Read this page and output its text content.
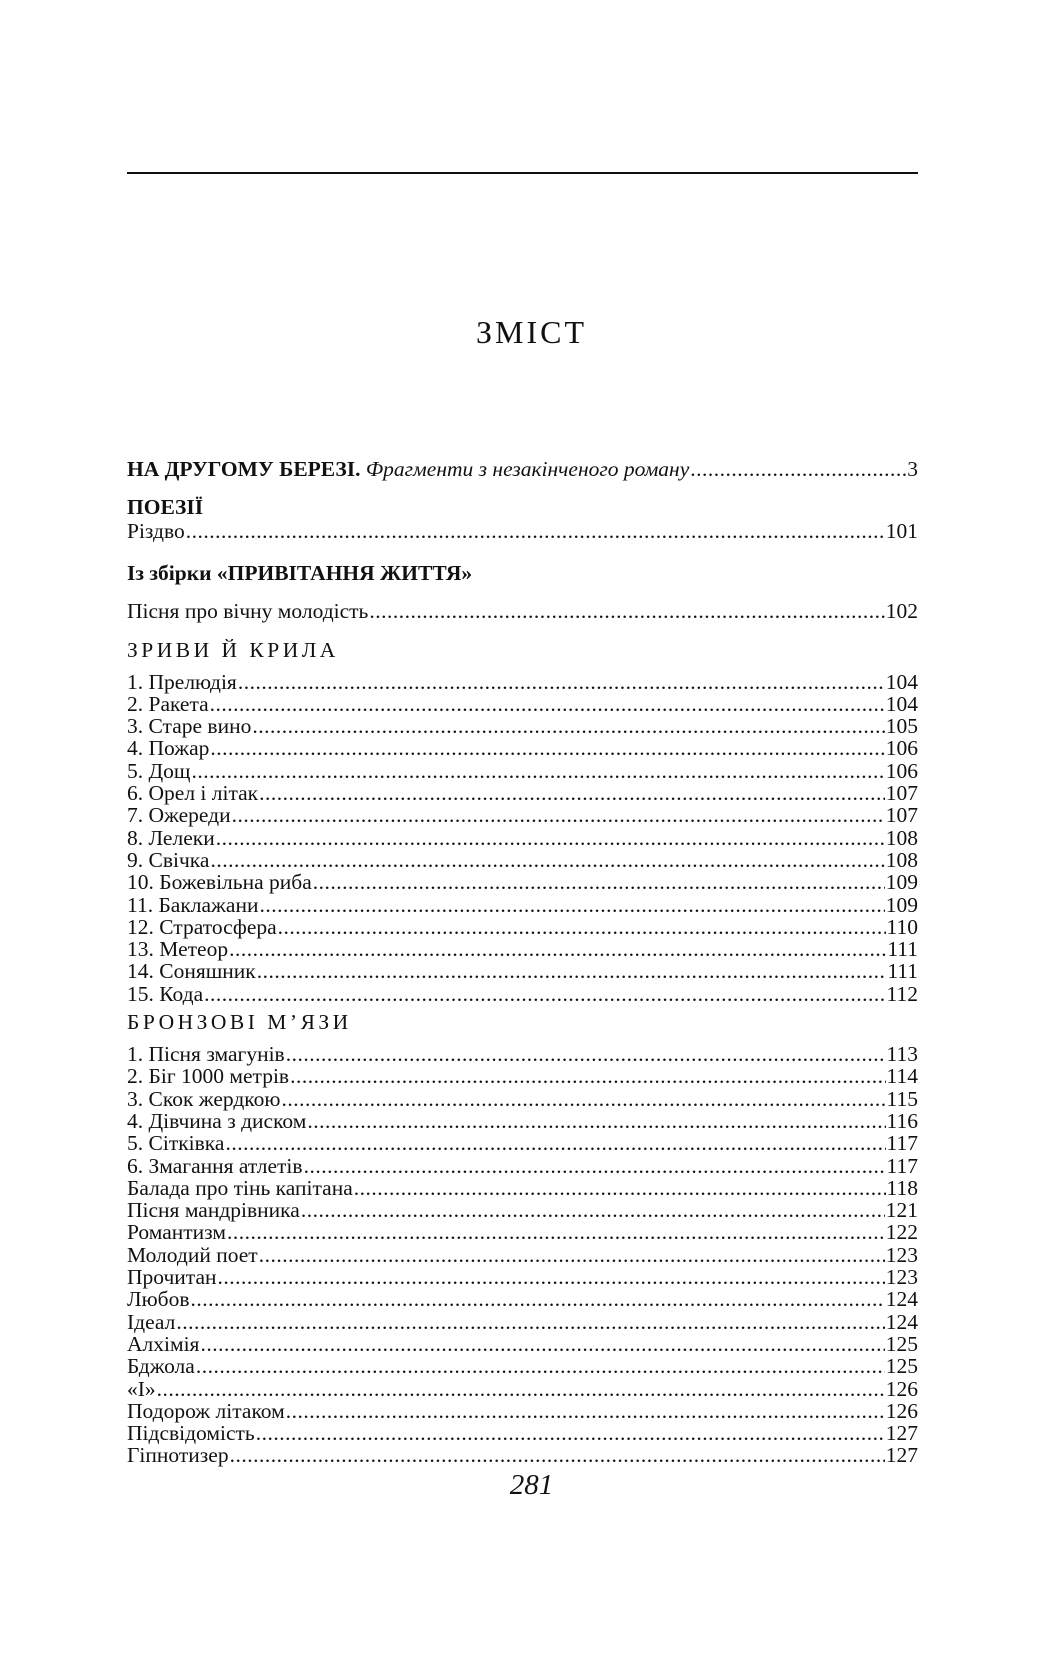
ЗМІСТ
НА ДРУГОМУ БЕРЕЗІ. Фрагменти з незакінченого роману .....	3
ПОЕЗІЇ
Різдво .....	101
Із збірки «ПРИВІТАННЯ ЖИТТЯ»
Пісня про вічну молодість .....	102
ЗРИВИ Й КРИЛА
1. Прелюдія .....	104
2. Ракета .....	104
3. Старе вино .....	105
4. Пожар .....	106
5. Дощ .....	106
6. Орел і літак .....	107
7. Ожереди .....	107
8. Лелеки .....	108
9. Свічка .....	108
10. Божевільна риба .....	109
11. Баклажани .....	109
12. Стратосфера .....	110
13. Метеор .....	111
14. Соняшник .....	111
15. Кода .....	112
БРОНЗОВІ М’ЯЗИ
1. Пісня змагунів .....	113
2. Біг 1000 метрів .....	114
3. Скок жердкою .....	115
4. Дівчина з диском .....	116
5. Сітківка .....	117
6. Змагання атлетів .....	117
Балада про тінь капітана .....	118
Пісня мандрівника .....	121
Романтизм .....	122
Молодий поет .....	123
Прочитан .....	123
Любов .....	124
Ідеал .....	124
Алхімія .....	125
Бджола .....	125
«І» .....	126
Подорож літаком .....	126
Підсвідомість .....	127
Гіпнотизер .....	127
281
